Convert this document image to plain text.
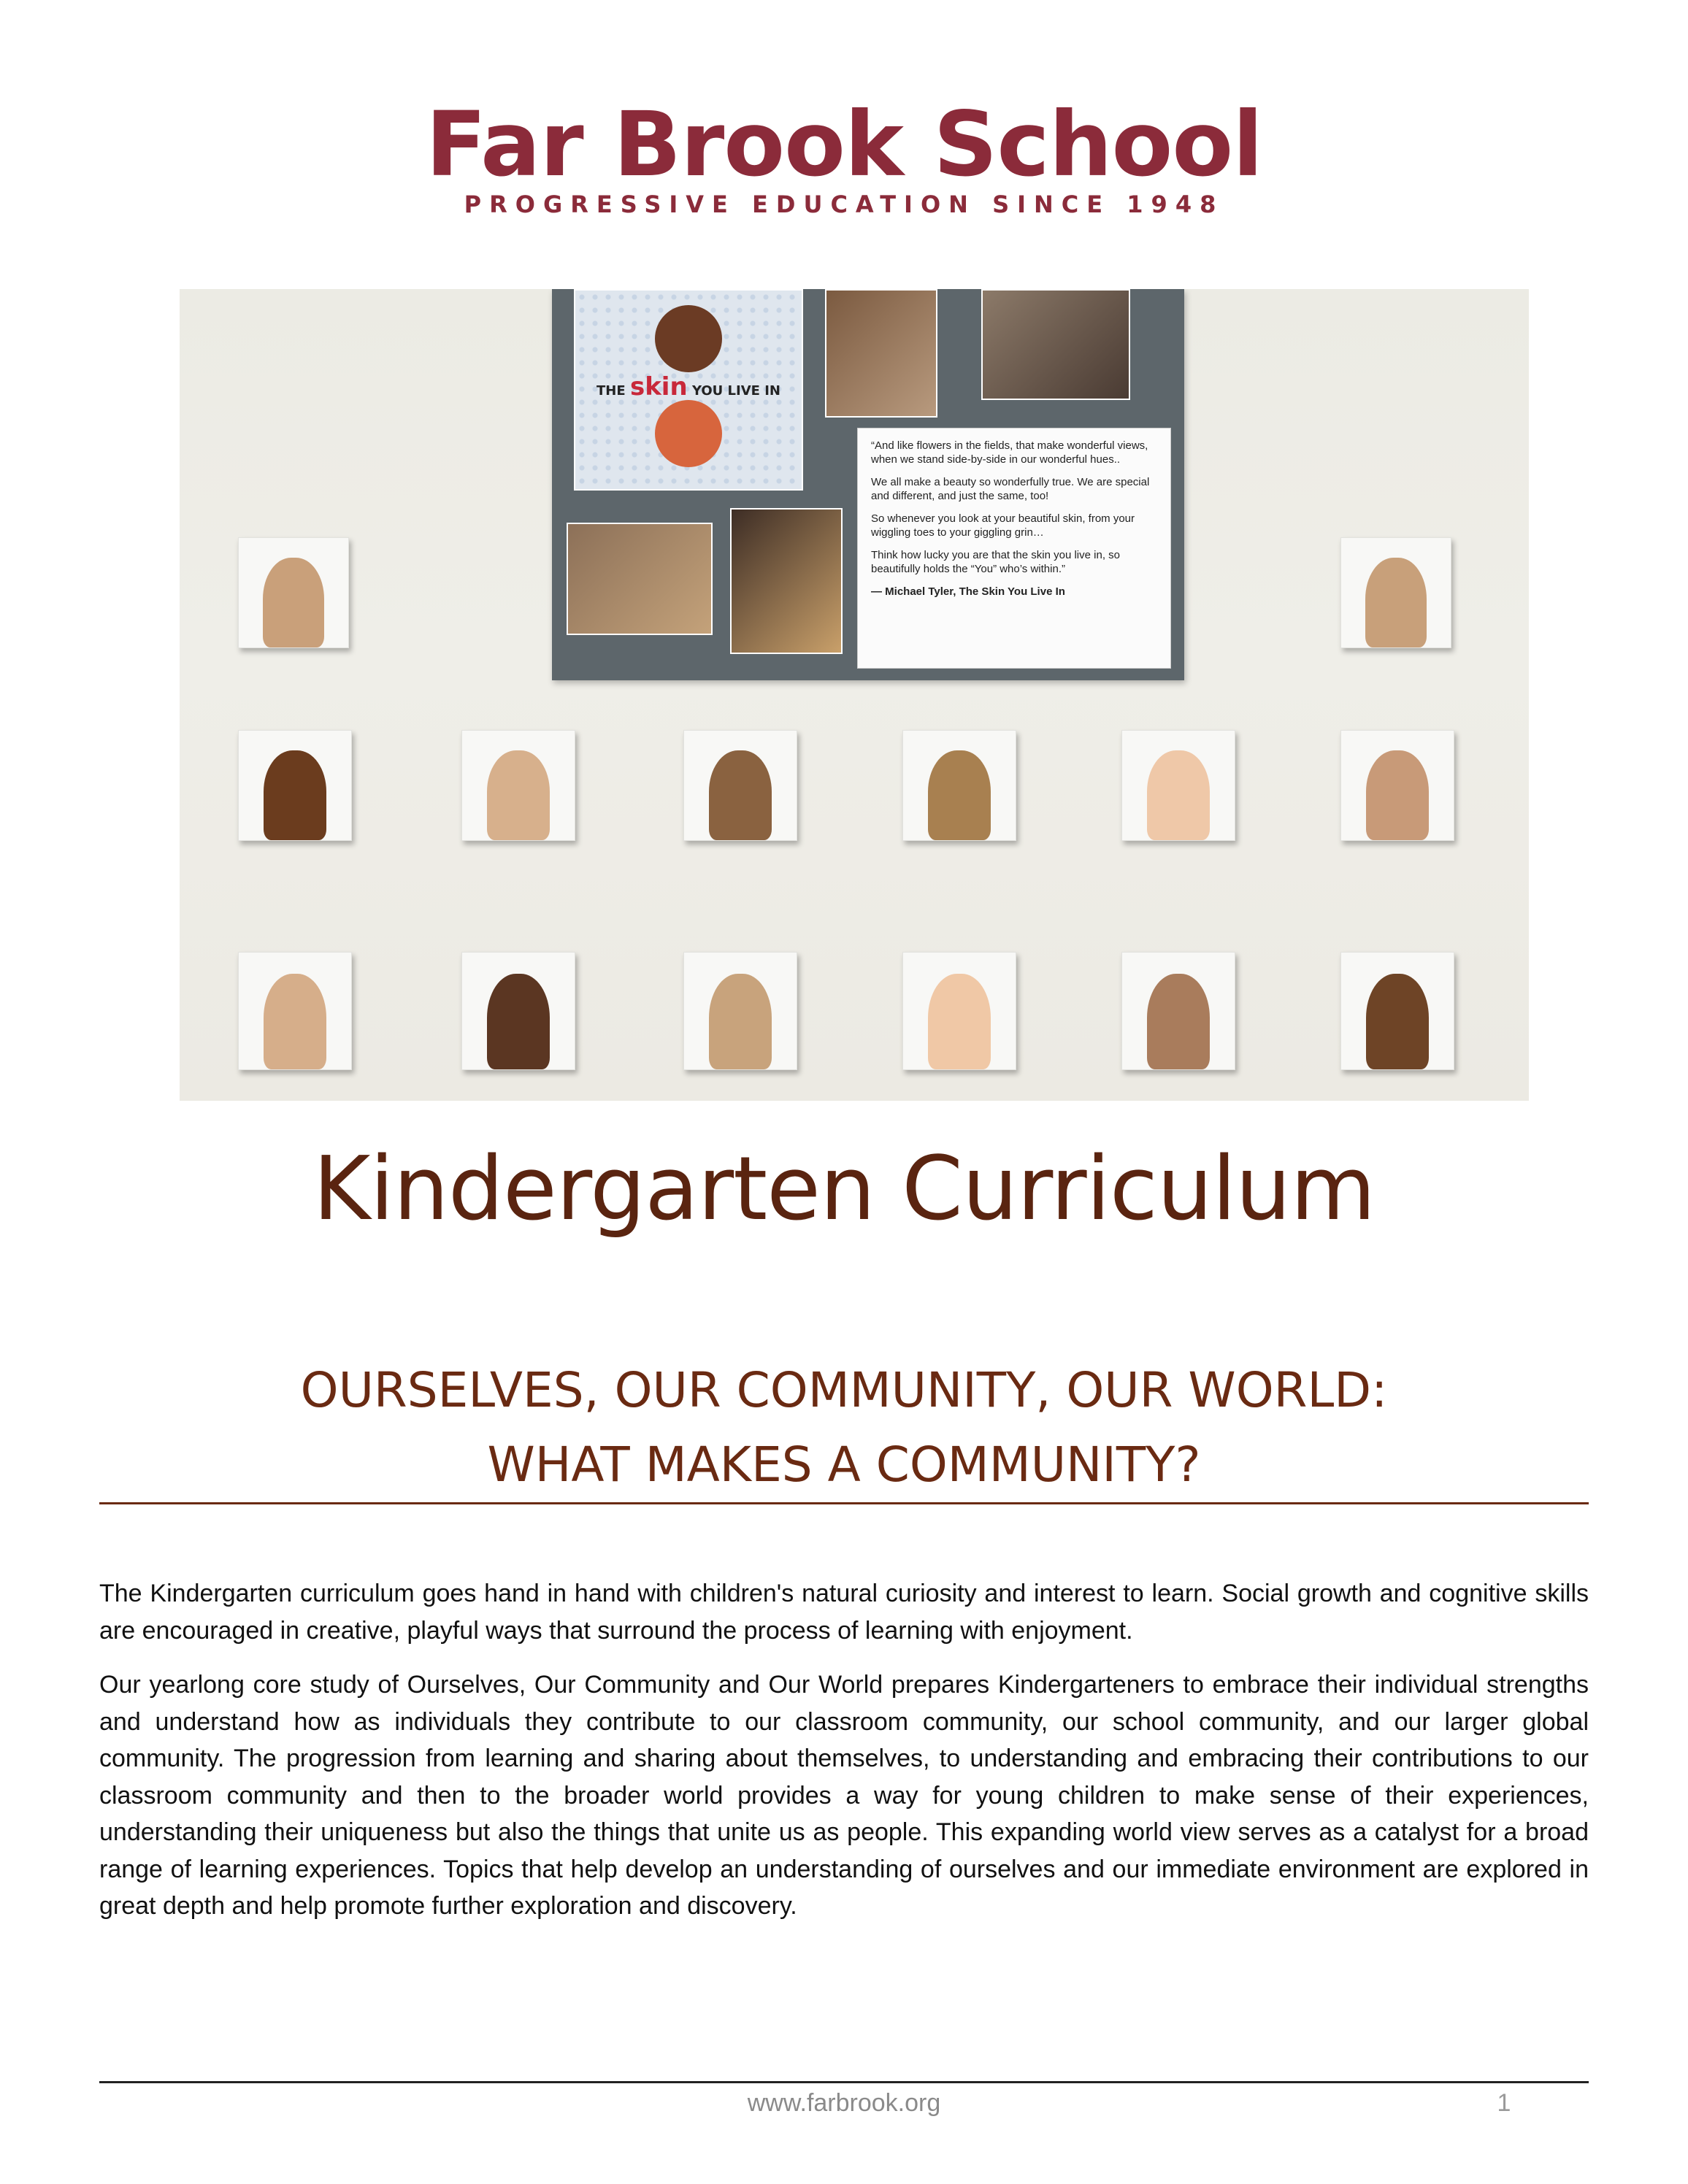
Far Brook School
PROGRESSIVE EDUCATION SINCE 1948
THE skin YOU LIVE IN

“And like flowers in the fields, that make wonderful views, when we stand side-by-side in our wonderful hues..

We all make a beauty so wonderfully true. We are special and different, and just the same, too!

So whenever you look at your beautiful skin, from your wiggling toes to your giggling grin…

Think how lucky you are that the skin you live in, so beautifully holds the “You” who’s within.”

— Michael Tyler, The Skin You Live In

Kindergarten Curriculum
OURSELVES, OUR COMMUNITY, OUR WORLD:
WHAT MAKES A COMMUNITY?

The Kindergarten curriculum goes hand in hand with children's natural curiosity and interest to learn. Social growth and cognitive skills are encouraged in creative, playful ways that surround the process of learning with enjoyment.

Our yearlong core study of Ourselves, Our Community and Our World prepares Kindergarteners to embrace their individual strengths and understand how as individuals they contribute to our classroom community, our school community, and our larger global community. The progression from learning and sharing about themselves, to understanding and embracing their contributions to our classroom community and then to the broader world provides a way for young children to make sense of their experiences, understanding their uniqueness but also the things that unite us as people. This expanding world view serves as a catalyst for a broad range of learning experiences. Topics that help develop an understanding of ourselves and our immediate environment are explored in great depth and help promote further exploration and discovery.

www.farbrook.org	1
